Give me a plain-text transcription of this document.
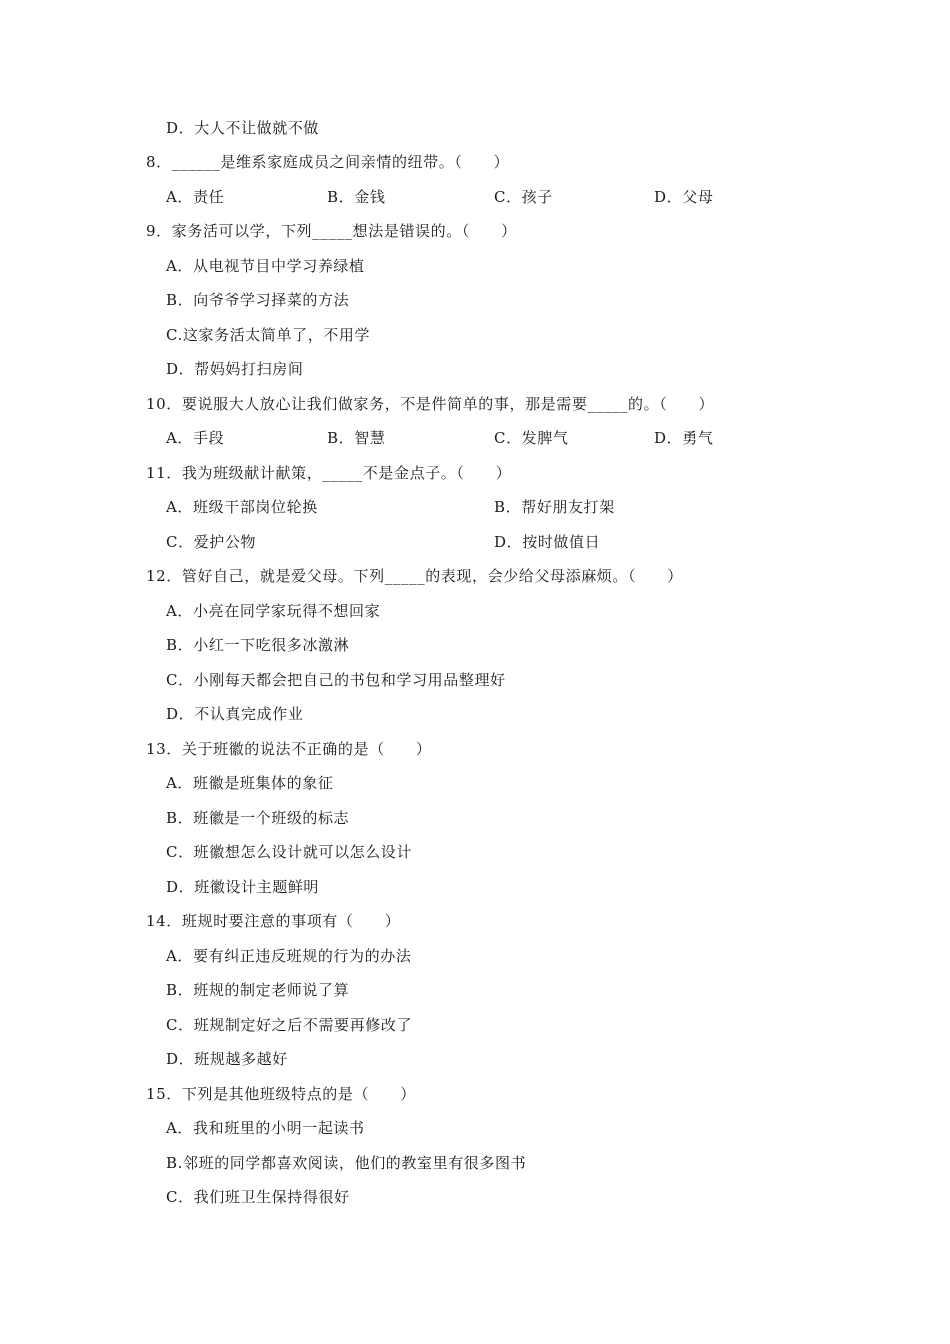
D．大人不让做就不做
8．______是维系家庭成员之间亲情的纽带。（　　）
A．责任	B．金钱	C．孩子	D．父母
9．家务活可以学，下列_____想法是错误的。（　　）
A．从电视节目中学习养绿植
B．向爷爷学习择菜的方法
C.这家务活太简单了，不用学
D．帮妈妈打扫房间
10．要说服大人放心让我们做家务，不是件简单的事，那是需要_____的。（　　）
A．手段	B．智慧	C．发脾气	D．勇气
11．我为班级献计献策，_____不是金点子。（　　）
A．班级干部岗位轮换	B．帮好朋友打架
C．爱护公物	D．按时做值日
12．管好自己，就是爱父母。下列_____的表现，会少给父母添麻烦。（　　）
A．小亮在同学家玩得不想回家
B．小红一下吃很多冰激淋
C．小刚每天都会把自己的书包和学习用品整理好
D．不认真完成作业
13．关于班徽的说法不正确的是（　　）
A．班徽是班集体的象征
B．班徽是一个班级的标志
C．班徽想怎么设计就可以怎么设计
D．班徽设计主题鲜明
14．班规时要注意的事项有（　　）
A．要有纠正违反班规的行为的办法
B．班规的制定老师说了算
C．班规制定好之后不需要再修改了
D．班规越多越好
15．下列是其他班级特点的是（　　）
A．我和班里的小明一起读书
B.邻班的同学都喜欢阅读，他们的教室里有很多图书
C．我们班卫生保持得很好
